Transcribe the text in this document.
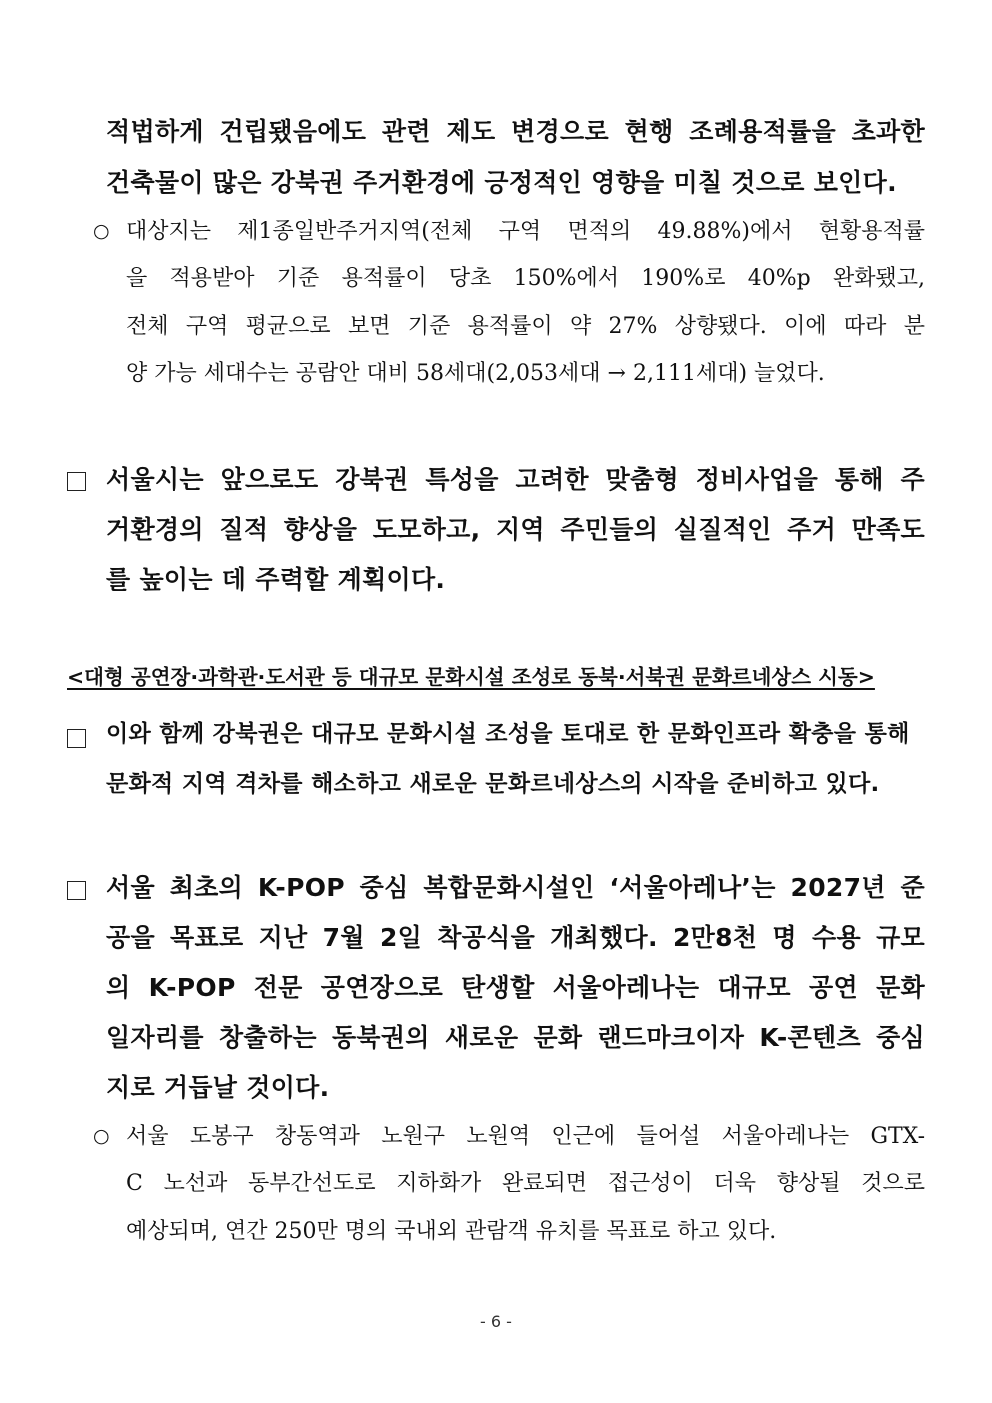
적법하게 건립됐음에도 관련 제도 변경으로 현행 조례용적률을 초과한
건축물이 많은 강북권 주거환경에 긍정적인 영향을 미칠 것으로 보인다.
○ 대상지는 제1종일반주거지역(전체 구역 면적의 49.88%)에서 현황용적률
을 적용받아 기준 용적률이 당초 150%에서 190%로 40%p 완화됐고,
전체 구역 평균으로 보면 기준 용적률이 약 27% 상향됐다. 이에 따라 분
양 가능 세대수는 공람안 대비 58세대(2,053세대 → 2,111세대) 늘었다.
서울시는 앞으로도 강북권 특성을 고려한 맞춤형 정비사업을 통해 주
거환경의 질적 향상을 도모하고, 지역 주민들의 실질적인 주거 만족도
를 높이는 데 주력할 계획이다.
<대형 공연장·과학관·도서관 등 대규모 문화시설 조성로 동북·서북권 문화르네상스 시동>
이와 함께 강북권은 대규모 문화시설 조성을 토대로 한 문화인프라 확충을 통해
문화적 지역 격차를 해소하고 새로운 문화르네상스의 시작을 준비하고 있다.
서울 최초의 K-POP 중심 복합문화시설인 ‘서울아레나’는 2027년 준
공을 목표로 지난 7월 2일 착공식을 개최했다. 2만8천 명 수용 규모
의 K-POP 전문 공연장으로 탄생할 서울아레나는 대규모 공연 문화
일자리를 창출하는 동북권의 새로운 문화 랜드마크이자 K-콘텐츠 중심
지로 거듭날 것이다.
○ 서울 도봉구 창동역과 노원구 노원역 인근에 들어설 서울아레나는 GTX-
C 노선과 동부간선도로 지하화가 완료되면 접근성이 더욱 향상될 것으로
예상되며, 연간 250만 명의 국내외 관람객 유치를 목표로 하고 있다.
- 6 -
